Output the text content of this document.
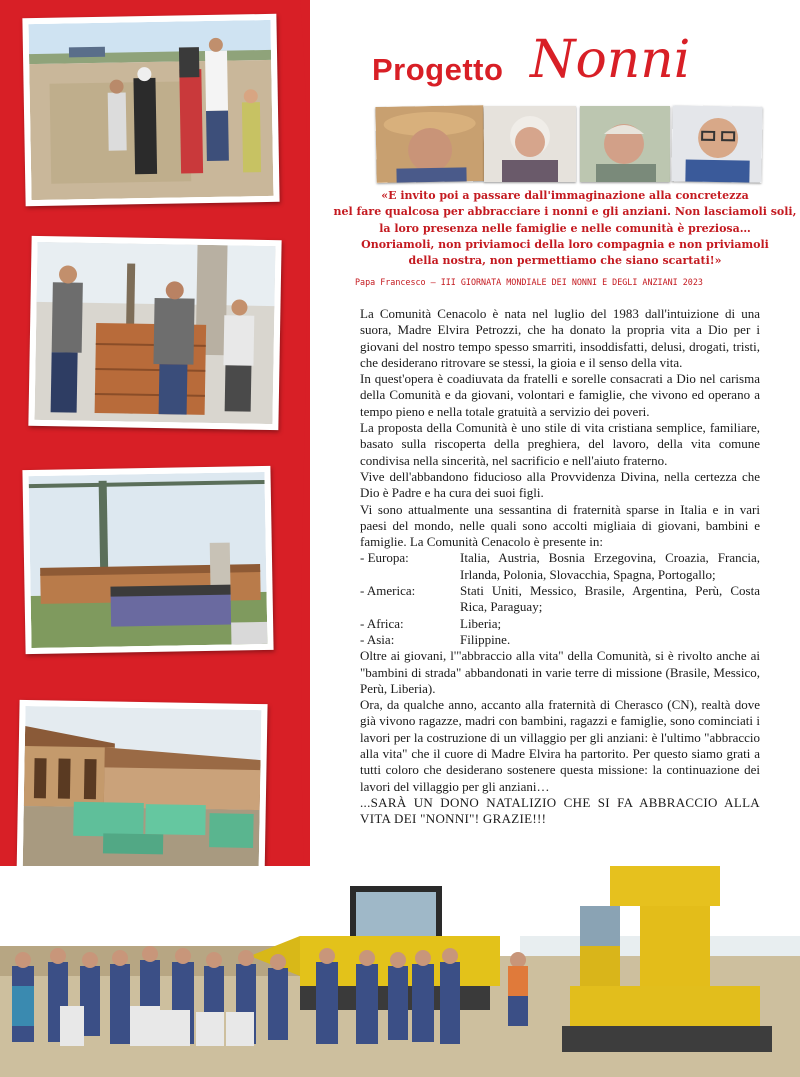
Progetto Nonni
«E invito poi a passare dall'immaginazione alla concretezza
nel fare qualcosa per abbracciare i nonni e gli anziani. Non lasciamoli soli,
la loro presenza nelle famiglie e nelle comunità è preziosa…
Onoriamoli, non priviamoci della loro compagnia e non priviamoli
della nostra, non permettiamo che siano scartati!»
Papa Francesco – III GIORNATA MONDIALE DEI NONNI E DEGLI ANZIANI 2023

La Comunità Cenacolo è nata nel luglio del 1983 dall'intuizione di una suora, Madre Elvira Petrozzi, che ha donato la propria vita a Dio per i giovani del nostro tempo spesso smarriti, insoddisfatti, delusi, drogati, tristi, che desiderano ritrovare se stessi, la gioia e il senso della vita.

In quest'opera è coadiuvata da fratelli e sorelle consacrati a Dio nel carisma della Comunità e da giovani, volontari e famiglie, che vivono ed operano a tempo pieno e nella totale gratuità a servizio dei poveri.

La proposta della Comunità è uno stile di vita cristiana semplice, familiare, basato sulla riscoperta della preghiera, del lavoro, della vita comune condivisa nella sincerità, nel sacrificio e nell'aiuto fraterno.

Vive dell'abbandono fiducioso alla Provvidenza Divina, nella certezza che Dio è Padre e ha cura dei suoi figli.

Vi sono attualmente una sessantina di fraternità sparse in Italia e in vari paesi del mondo, nelle quali sono accolti migliaia di giovani, bambini e famiglie. La Comunità Cenacolo è presente in:

- Europa:	Italia, Austria, Bosnia Erzegovina, Croazia, Francia, Irlanda, Polonia, Slovacchia, Spagna, Portogallo;
- America:	Stati Uniti, Messico, Brasile, Argentina, Perù, Costa Rica, Paraguay;
- Africa:	Liberia;
- Asia:	Filippine.

Oltre ai giovani, l'"abbraccio alla vita" della Comunità, si è rivolto anche ai "bambini di strada" abbandonati in varie terre di missione (Brasile, Messico, Perù, Liberia).

Ora, da qualche anno, accanto alla fraternità di Cherasco (CN), realtà dove già vivono ragazze, madri con bambini, ragazzi e famiglie, sono cominciati i lavori per la costruzione di un villaggio per gli anziani: è l'ultimo "abbraccio alla vita" che il cuore di Madre Elvira ha partorito. Per questo siamo grati a tutti coloro che desiderano sostenere questa missione: la continuazione dei lavori del villaggio per gli anziani…

...SARÀ UN DONO NATALIZIO CHE SI FA ABBRACCIO ALLA VITA DEI "NONNI"! GRAZIE!!!
